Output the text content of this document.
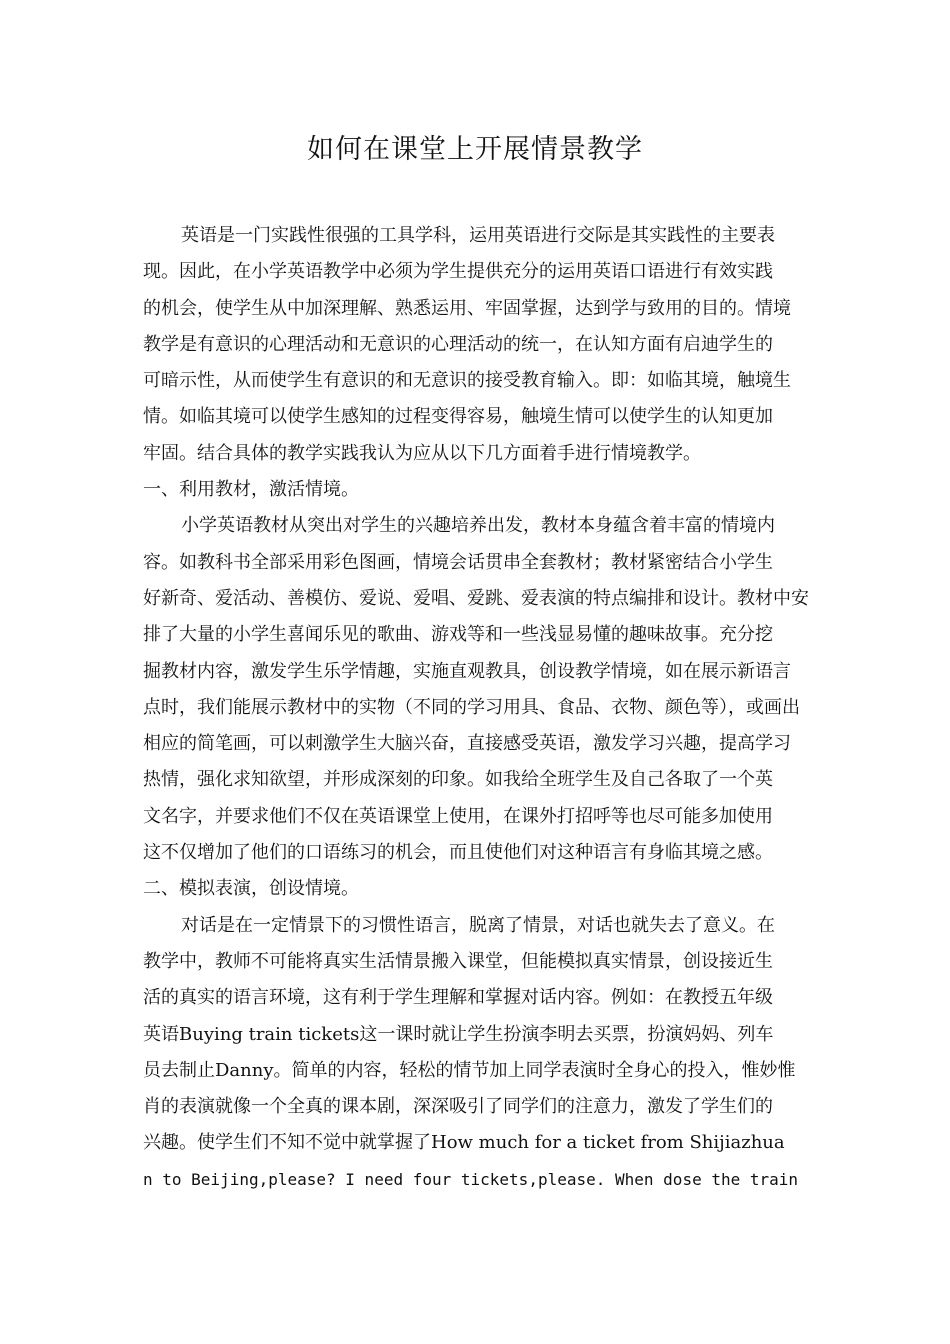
如何在课堂上开展情景教学
英语是一门实践性很强的工具学科，运用英语进行交际是其实践性的主要表
现。因此，在小学英语教学中必须为学生提供充分的运用英语口语进行有效实践
的机会，使学生从中加深理解、熟悉运用、牢固掌握，达到学与致用的目的。情境
教学是有意识的心理活动和无意识的心理活动的统一，在认知方面有启迪学生的
可暗示性，从而使学生有意识的和无意识的接受教育输入。即：如临其境，触境生
情。如临其境可以使学生感知的过程变得容易，触境生情可以使学生的认知更加
牢固。结合具体的教学实践我认为应从以下几方面着手进行情境教学。
一、利用教材，激活情境。
小学英语教材从突出对学生的兴趣培养出发，教材本身蕴含着丰富的情境内
容。如教科书全部采用彩色图画，情境会话贯串全套教材；教材紧密结合小学生
好新奇、爱活动、善模仿、爱说、爱唱、爱跳、爱表演的特点编排和设计。教材中安
排了大量的小学生喜闻乐见的歌曲、游戏等和一些浅显易懂的趣味故事。充分挖
掘教材内容，激发学生乐学情趣，实施直观教具，创设教学情境，如在展示新语言
点时，我们能展示教材中的实物（不同的学习用具、食品、衣物、颜色等），或画出
相应的简笔画，可以刺激学生大脑兴奋，直接感受英语，激发学习兴趣，提高学习
热情，强化求知欲望，并形成深刻的印象。如我给全班学生及自己各取了一个英
文名字，并要求他们不仅在英语课堂上使用，在课外打招呼等也尽可能多加使用
这不仅增加了他们的口语练习的机会，而且使他们对这种语言有身临其境之感。
二、模拟表演，创设情境。
对话是在一定情景下的习惯性语言，脱离了情景，对话也就失去了意义。在
教学中，教师不可能将真实生活情景搬入课堂，但能模拟真实情景，创设接近生
活的真实的语言环境，这有利于学生理解和掌握对话内容。例如：在教授五年级
英语Buying train tickets这一课时就让学生扮演李明去买票，扮演妈妈、列车
员去制止Danny。简单的内容，轻松的情节加上同学表演时全身心的投入，惟妙惟
肖的表演就像一个全真的课本剧，深深吸引了同学们的注意力，激发了学生们的
兴趣。使学生们不知不觉中就掌握了How much for a ticket from Shijiazhua
n to Beijing,please? I need four tickets,please. When dose the train
